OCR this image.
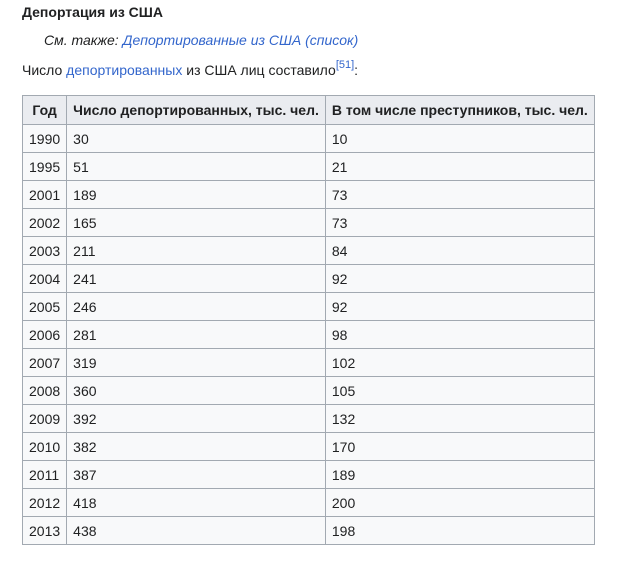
Депортация из США
См. также: Депортированные из США (список)
Число депортированных из США лиц составило[51]:
Год	Число депортированных, тыс. чел.	В том числе преступников, тыс. чел.
1990	30	10
1995	51	21
2001	189	73
2002	165	73
2003	211	84
2004	241	92
2005	246	92
2006	281	98
2007	319	102
2008	360	105
2009	392	132
2010	382	170
2011	387	189
2012	418	200
2013	438	198
